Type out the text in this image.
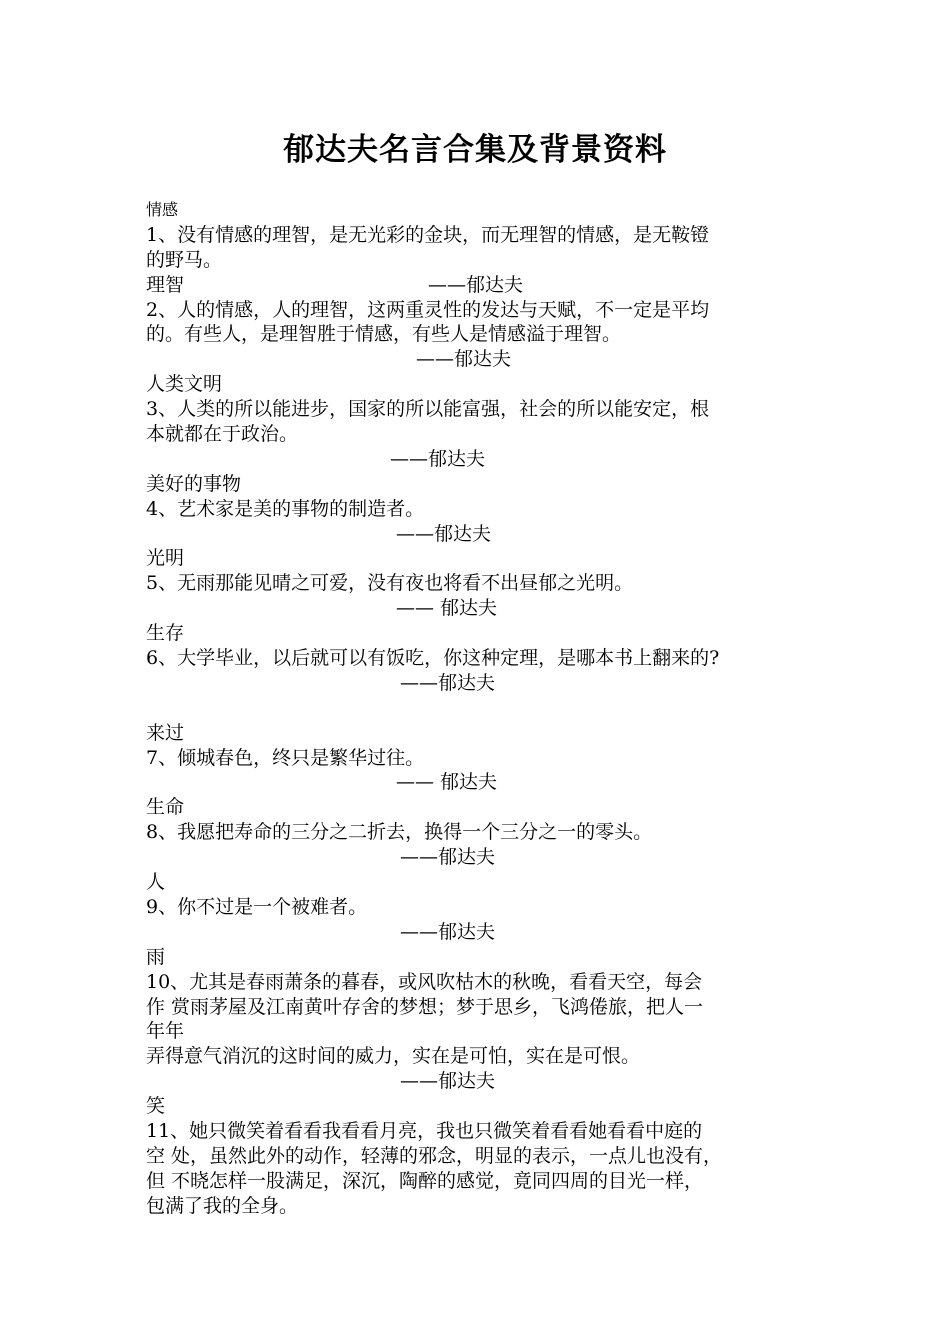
郁达夫名言合集及背景资料
情感
1、没有情感的理智，是无光彩的金块，而无理智的情感，是无鞍镫
的野马。
理智	——郁达夫
2、人的情感，人的理智，这两重灵性的发达与天赋，不一定是平均
的。有些人，是理智胜于情感，有些人是情感溢于理智。
——郁达夫
人类文明
3、人类的所以能进步，国家的所以能富强，社会的所以能安定，根
本就都在于政治。
——郁达夫
美好的事物
4、艺术家是美的事物的制造者。
——郁达夫
光明
5、无雨那能见晴之可爱，没有夜也将看不出昼郁之光明。
—— 郁达夫
生存
6、大学毕业，以后就可以有饭吃，你这种定理，是哪本书上翻来的?
——郁达夫
来过
7、倾城春色，终只是繁华过往。
—— 郁达夫
生命
8、我愿把寿命的三分之二折去，换得一个三分之一的零头。
——郁达夫
人
9、你不过是一个被难者。
——郁达夫
雨
10、尤其是春雨萧条的暮春，或风吹枯木的秋晚，看看天空，每会
作 赏雨茅屋及江南黄叶存舍的梦想；梦于思乡，飞鸿倦旅，把人一
年年
弄得意气消沉的这时间的威力，实在是可怕，实在是可恨。
——郁达夫
笑
11、她只微笑着看看我看看月亮，我也只微笑着看看她看看中庭的
空 处，虽然此外的动作，轻薄的邪念，明显的表示，一点儿也没有，
但 不晓怎样一股满足，深沉，陶醉的感觉，竟同四周的目光一样，
包满了我的全身。
